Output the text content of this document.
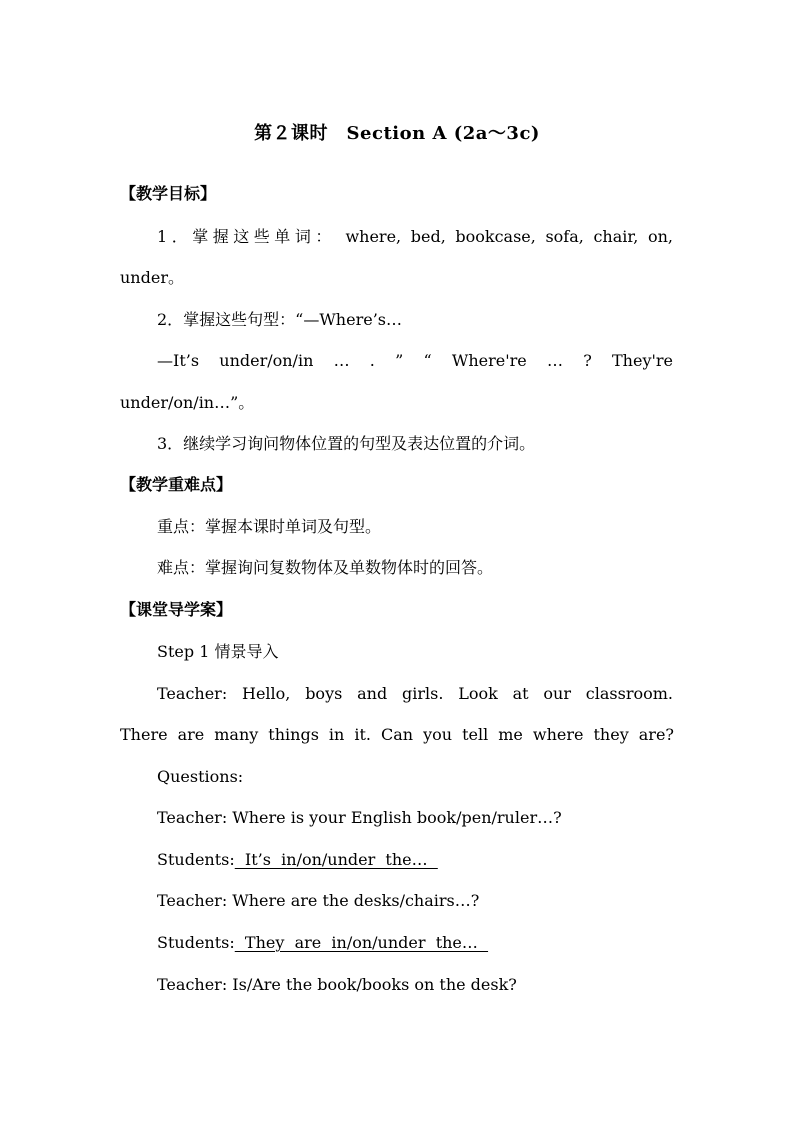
第２课时　Section A (2a～3c)
【教学目标】
1．掌握这些单词： where, bed, bookcase, sofa, chair, on,
under。
2．掌握这些句型：“—Where’s…
—It’s under/on/in … . ” “ Where're … ? They're
under/on/in…”。
3．继续学习询问物体位置的句型及表达位置的介词。
【教学重难点】
重点：掌握本课时单词及句型。
难点：掌握询问复数物体及单数物体时的回答。
【课堂导学案】
Step 1 情景导入
Teacher: Hello, boys and girls. Look at our classroom.
There are many things in it. Can you tell me where they are?
Questions:
Teacher: Where is your English book/pen/ruler…?
Students:  It’s  in/on/under  the…
Teacher: Where are the desks/chairs…?
Students:  They  are  in/on/under  the…
Teacher: Is/Are the book/books on the desk?
